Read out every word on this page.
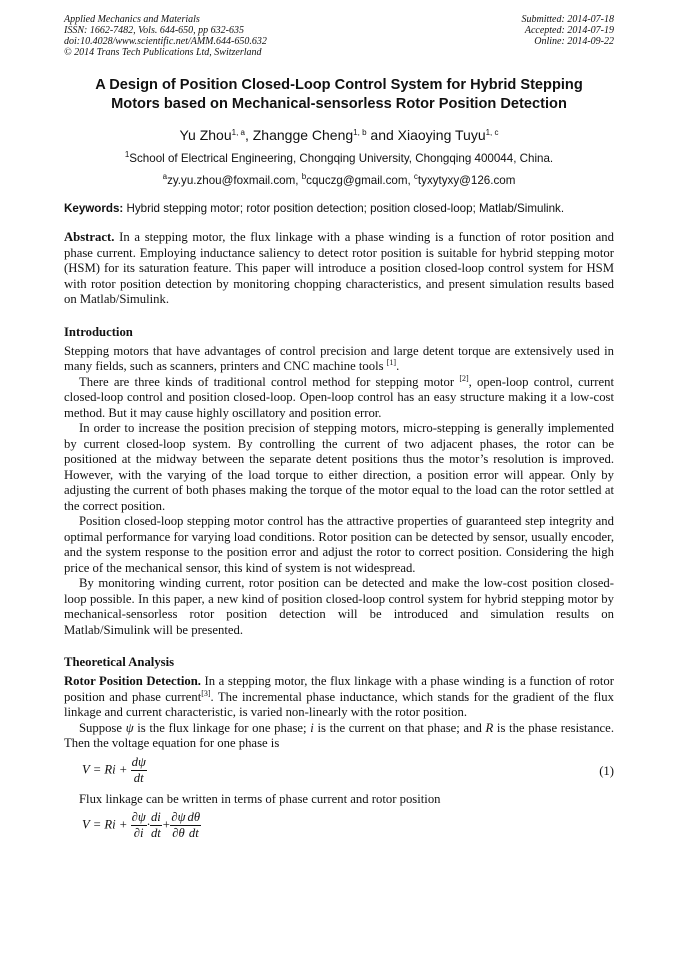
Applied Mechanics and Materials
ISSN: 1662-7482, Vols. 644-650, pp 632-635
doi:10.4028/www.scientific.net/AMM.644-650.632
© 2014 Trans Tech Publications Ltd, Switzerland
Submitted: 2014-07-18
Accepted: 2014-07-19
Online: 2014-09-22
A Design of Position Closed-Loop Control System for Hybrid Stepping
Motors based on Mechanical-sensorless Rotor Position Detection
Yu Zhou$^{1, a}$, Zhangge Cheng$^{1, b}$ and Xiaoying Tuyu$^{1, c}$
$^1$School of Electrical Engineering, Chongqing University, Chongqing 400044, China.
$^a$zy.yu.zhou@foxmail.com, $^b$cquczg@gmail.com, $^c$tyxytyxy@126.com
Keywords: Hybrid stepping motor; rotor position detection; position closed-loop; Matlab/Simulink.

Abstract. In a stepping motor, the flux linkage with a phase winding is a function of rotor position and phase current. Employing inductance saliency to detect rotor position is suitable for hybrid stepping motor (HSM) for its saturation feature. This paper will introduce a position closed-loop control system for HSM with rotor position detection by monitoring chopping characteristics, and present simulation results based on Matlab/Simulink.

Introduction

Stepping motors that have advantages of control precision and large detent torque are extensively used in many fields, such as scanners, printers and CNC machine tools [1].

There are three kinds of traditional control method for stepping motor [2], open-loop control, current closed-loop control and position closed-loop. Open-loop control has an easy structure making it a low-cost method. But it may cause highly oscillatory and position error.

In order to increase the position precision of stepping motors, micro-stepping is generally implemented by current closed-loop system. By controlling the current of two adjacent phases, the rotor can be positioned at the midway between the separate detent positions thus the motor’s resolution is improved. However, with the varying of the load torque to either direction, a position error will appear. Only by adjusting the current of both phases making the torque of the motor equal to the load can the rotor settled at the correct position.

Position closed-loop stepping motor control has the attractive properties of guaranteed step integrity and optimal performance for varying load conditions. Rotor position can be detected by sensor, usually encoder, and the system response to the position error and adjust the rotor to correct position. Considering the high price of the mechanical sensor, this kind of system is not widespread.

By monitoring winding current, rotor position can be detected and make the low-cost position closed-loop possible. In this paper, a new kind of position closed-loop control system for hybrid stepping motor by mechanical-sensorless rotor position detection will be introduced and simulation results on Matlab/Simulink will be presented.

Theoretical Analysis

Rotor Position Detection. In a stepping motor, the flux linkage with a phase winding is a function of rotor position and phase current[3]. The incremental phase inductance, which stands for the gradient of the flux linkage and current characteristic, is varied non-linearly with the rotor position.

Suppose ψ is the flux linkage for one phase; i is the current on that phase; and R is the phase resistance. Then the voltage equation for one phase is

$V = Ri + \frac{d\psi}{dt}$	(1)

Flux linkage can be written in terms of phase current and rotor position

$V = Ri + \frac{\partial\psi}{\partial i} \cdot \frac{di}{dt} + \frac{\partial\psi}{\partial\theta} \frac{d\theta}{dt}$
